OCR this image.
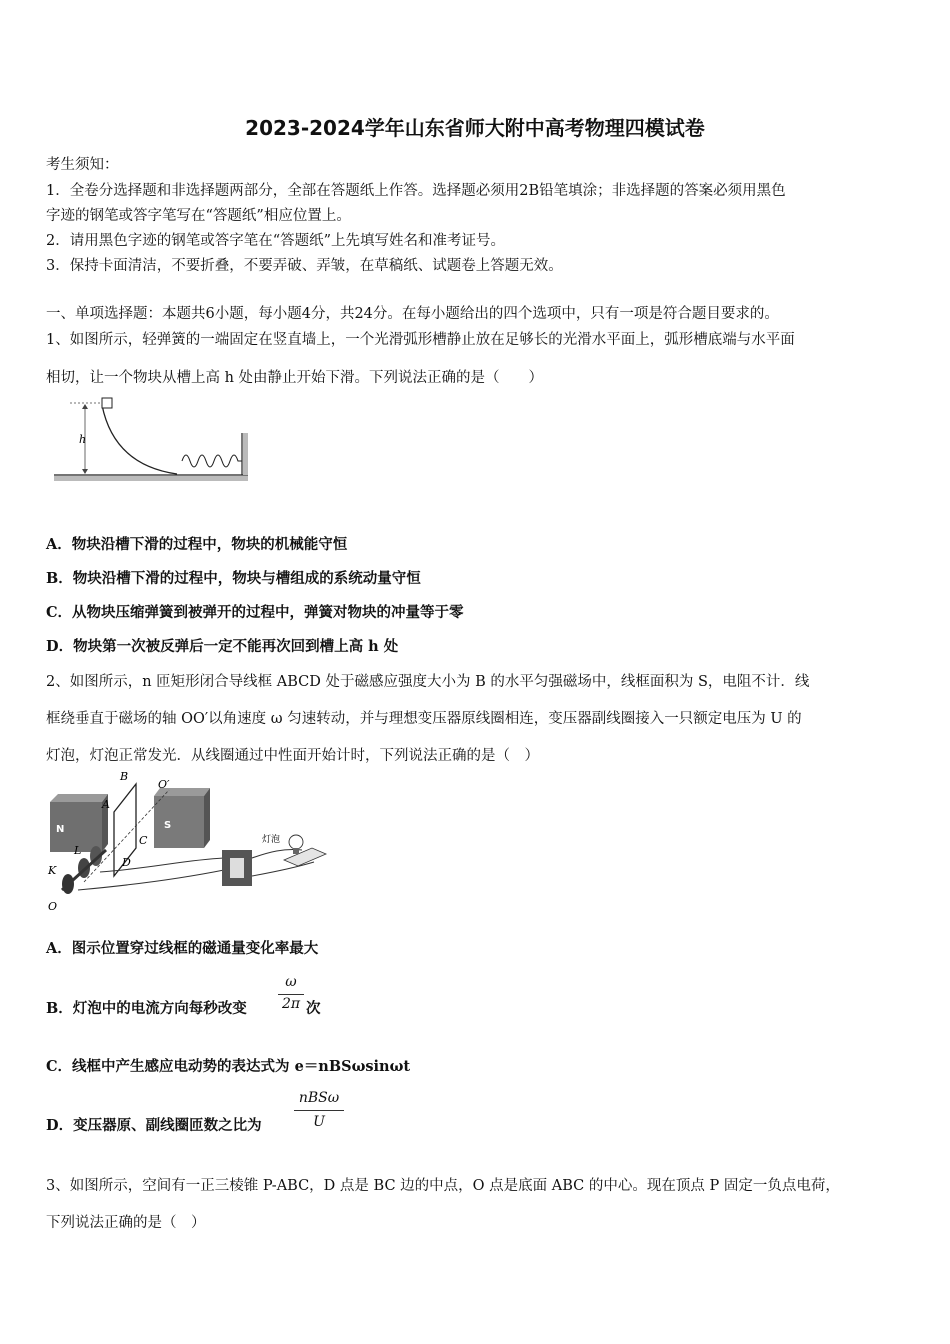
2023-2024学年山东省师大附中高考物理四模试卷
考生须知：
1．全卷分选择题和非选择题两部分，全部在答题纸上作答。选择题必须用2B铅笔填涂；非选择题的答案必须用黑色
字迹的钢笔或答字笔写在“答题纸”相应位置上。
2．请用黑色字迹的钢笔或答字笔在“答题纸”上先填写姓名和准考证号。
3．保持卡面清洁，不要折叠，不要弄破、弄皱，在草稿纸、试题卷上答题无效。
一、单项选择题：本题共6小题，每小题4分，共24分。在每小题给出的四个选项中，只有一项是符合题目要求的。
1、如图所示，轻弹簧的一端固定在竖直墙上，一个光滑弧形槽静止放在足够长的光滑水平面上，弧形槽底端与水平面
相切，让一个物块从槽上高 h 处由静止开始下滑。下列说法正确的是（　　）
h
A．物块沿槽下滑的过程中，物块的机械能守恒
B．物块沿槽下滑的过程中，物块与槽组成的系统动量守恒
C．从物块压缩弹簧到被弹开的过程中，弹簧对物块的冲量等于零
D．物块第一次被反弹后一定不能再次回到槽上高 h 处
2、如图所示，n 匝矩形闭合导线框 ABCD 处于磁感应强度大小为 B 的水平匀强磁场中，线框面积为 S，电阻不计．线
框绕垂直于磁场的轴 OO′以角速度 ω 匀速转动，并与理想变压器原线圈相连，变压器副线圈接入一只额定电压为 U 的
灯泡，灯泡正常发光．从线圈通过中性面开始计时，下列说法正确的是（　）
N	S
B
A
C
D
O′
L
K
O
灯泡
A．图示位置穿过线框的磁通量变化率最大
B．灯泡中的电流方向每秒改变
ω
2π 次
C．线框中产生感应电动势的表达式为 e＝nBSωsinωt
D．变压器原、副线圈匝数之比为
nBSω
U
3、如图所示，空间有一正三棱锥 P-ABC，D 点是 BC 边的中点，O 点是底面 ABC 的中心。现在顶点 P 固定一负点电荷，
下列说法正确的是（　）
